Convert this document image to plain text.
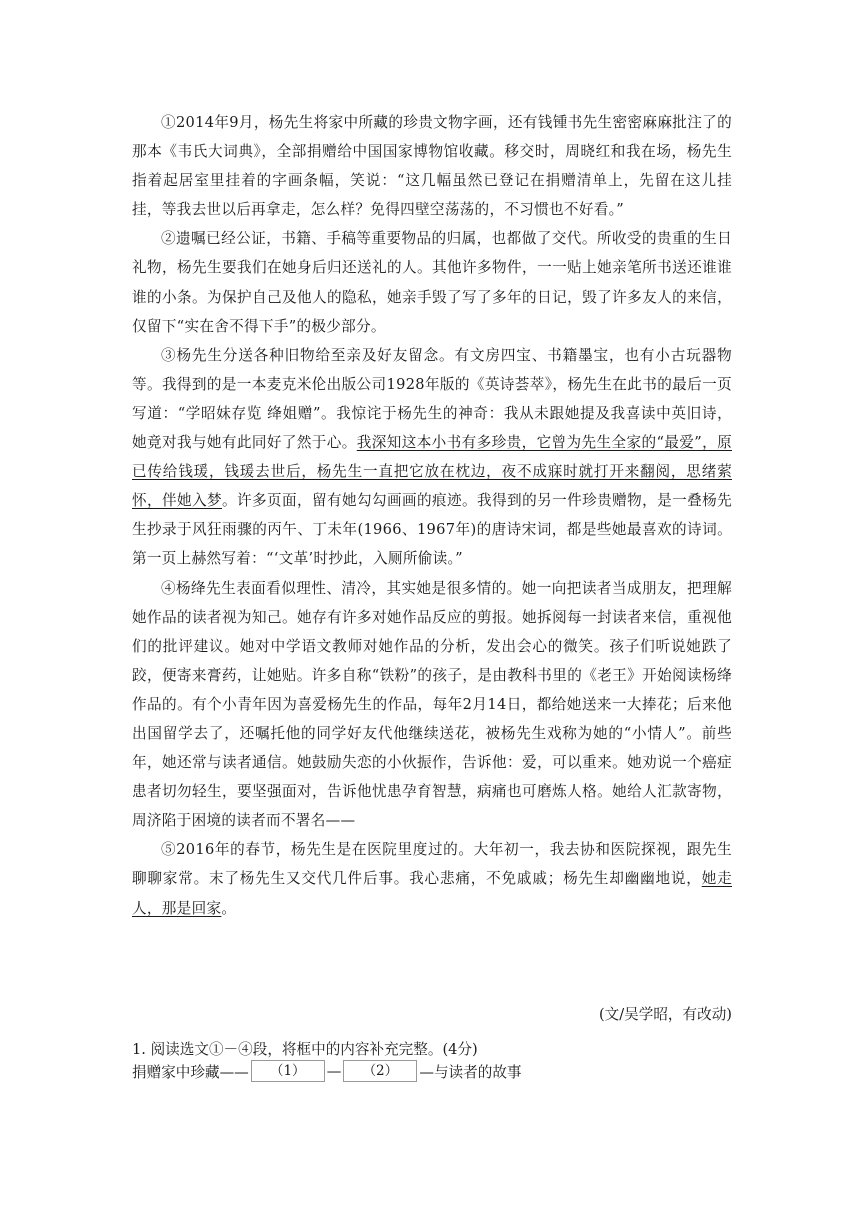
①2014年9月，杨先生将家中所藏的珍贵文物字画，还有钱锺书先生密密麻麻批注了的那本《韦氏大词典》，全部捐赠给中国国家博物馆收藏。移交时，周晓红和我在场，杨先生指着起居室里挂着的字画条幅，笑说：“这几幅虽然已登记在捐赠清单上，先留在这儿挂挂，等我去世以后再拿走，怎么样？免得四壁空荡荡的，不习惯也不好看。”

②遗嘱已经公证，书籍、手稿等重要物品的归属，也都做了交代。所收受的贵重的生日礼物，杨先生要我们在她身后归还送礼的人。其他许多物件，一一贴上她亲笔所书送还谁谁谁的小条。为保护自己及他人的隐私，她亲手毁了写了多年的日记，毁了许多友人的来信，仅留下“实在舍不得下手”的极少部分。

③杨先生分送各种旧物给至亲及好友留念。有文房四宝、书籍墨宝，也有小古玩器物等。我得到的是一本麦克米伦出版公司1928年版的《英诗荟萃》，杨先生在此书的最后一页写道：“学昭妹存览 绛姐赠”。我惊诧于杨先生的神奇：我从未跟她提及我喜读中英旧诗，她竟对我与她有此同好了然于心。我深知这本小书有多珍贵，它曾为先生全家的“最爱”，原已传给钱瑗，钱瑗去世后，杨先生一直把它放在枕边，夜不成寐时就打开来翻阅，思绪萦怀，伴她入梦。许多页面，留有她勾勾画画的痕迹。我得到的另一件珍贵赠物，是一叠杨先生抄录于风狂雨骤的丙午、丁未年(1966、1967年)的唐诗宋词，都是些她最喜欢的诗词。第一页上赫然写着：“‘文革’时抄此，入厕所偷读。”

④杨绛先生表面看似理性、清冷，其实她是很多情的。她一向把读者当成朋友，把理解她作品的读者视为知己。她存有许多对她作品反应的剪报。她拆阅每一封读者来信，重视他们的批评建议。她对中学语文教师对她作品的分析，发出会心的微笑。孩子们听说她跌了跤，便寄来膏药，让她贴。许多自称“铁粉”的孩子，是由教科书里的《老王》开始阅读杨绛作品的。有个小青年因为喜爱杨先生的作品，每年2月14日，都给她送来一大捧花；后来他出国留学去了，还嘱托他的同学好友代他继续送花，被杨先生戏称为她的“小情人”。前些年，她还常与读者通信。她鼓励失恋的小伙振作，告诉他：爱，可以重来。她劝说一个癌症患者切勿轻生，要坚强面对，告诉他忧患孕育智慧，病痛也可磨炼人格。她给人汇款寄物，周济陷于困境的读者而不署名——

⑤2016年的春节，杨先生是在医院里度过的。大年初一，我去协和医院探视，跟先生聊聊家常。末了杨先生又交代几件后事。我心悲痛，不免戚戚；杨先生却幽幽地说，她走人，那是回家。

(文/吴学昭，有改动)
1. 阅读选文①－④段，将框中的内容补充完整。(4分)
捐赠家中珍藏——	（1）	—	（2）	—与读者的故事
